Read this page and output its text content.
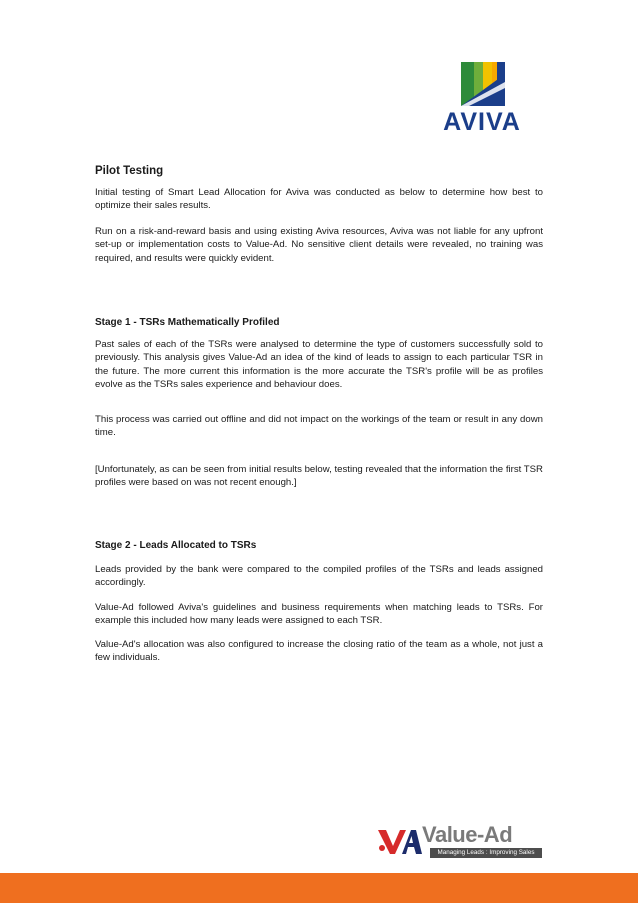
AVIVA
Pilot Testing

Initial testing of Smart Lead Allocation for Aviva was conducted as below to determine how best to optimize their sales results.

Run on a risk-and-reward basis and using existing Aviva resources, Aviva was not liable for any upfront set-up or implementation costs to Value-Ad. No sensitive client details were revealed, no training was required, and results were quickly evident.

Stage 1 - TSRs Mathematically Profiled

Past sales of each of the TSRs were analysed to determine the type of customers successfully sold to previously. This analysis gives Value-Ad an idea of the kind of leads to assign to each particular TSR in the future. The more current this information is the more accurate the TSR's profile will be as profiles evolve as the TSRs sales experience and behaviour does.

This process was carried out offline and did not impact on the workings of the team or result in any down time.

[Unfortunately, as can be seen from initial results below, testing revealed that the information the first TSR profiles were based on was not recent enough.]

Stage 2 - Leads Allocated to TSRs

Leads provided by the bank were compared to the compiled profiles of the TSRs and leads assigned accordingly.

Value-Ad followed Aviva's guidelines and business requirements when matching leads to TSRs. For example this included how many leads were assigned to each TSR.

Value-Ad's allocation was also configured to increase the closing ratio of the team as a whole, not just a few individuals.

Value-Ad
Managing Leads : Improving Sales
